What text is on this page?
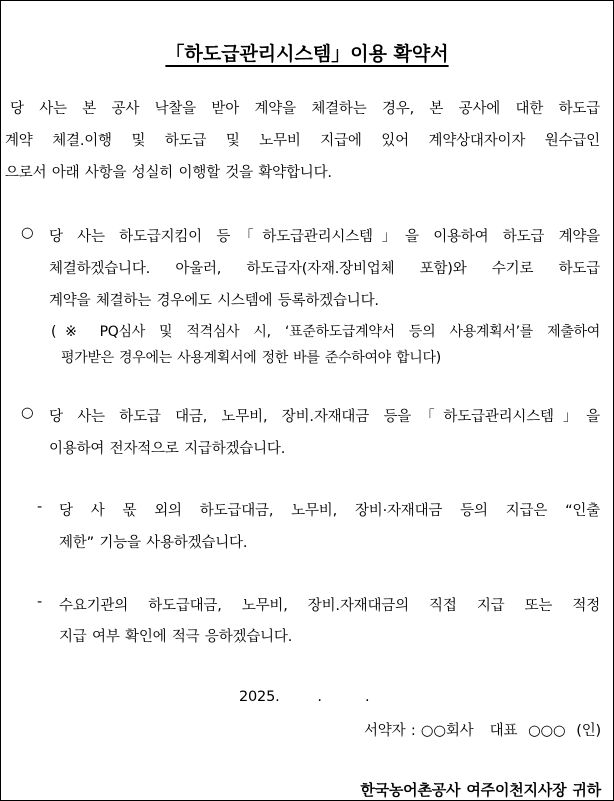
「하도급관리시스템」이용 확약서
당 사는 본 공사 낙찰을 받아 계약을 체결하는 경우, 본 공사에 대한 하도급
계약 체결.이행 및 하도급 및 노무비 지급에 있어 계약상대자이자 원수급인
으로서 아래 사항을 성실히 이행할 것을 확약합니다.
○ 당 사는 하도급지킴이 등「하도급관리시스템」을 이용하여 하도급 계약을
체결하겠습니다. 아울러, 하도급자(자재.장비업체 포함)와 수기로 하도급
계약을 체결하는 경우에도 시스템에 등록하겠습니다.
(※ PQ심사 및 적격심사 시, ‘표준하도급계약서 등의 사용계획서’를 제출하여
평가받은 경우에는 사용계획서에 정한 바를 준수하여야 합니다)
○ 당 사는 하도급 대금, 노무비, 장비.자재대금 등을「하도급관리시스템」을
이용하여 전자적으로 지급하겠습니다.
- 당 사 몫 외의 하도급대금, 노무비, 장비·자재대금 등의 지급은 “인출
제한” 기능을 사용하겠습니다.
- 수요기관의 하도급대금, 노무비, 장비.자재대금의 직접 지급 또는 적정
지급 여부 확인에 적극 응하겠습니다.
2025.       .        .
서약자 : ○○회사   대표  ○○○  (인)
한국농어촌공사 여주이천지사장 귀하
